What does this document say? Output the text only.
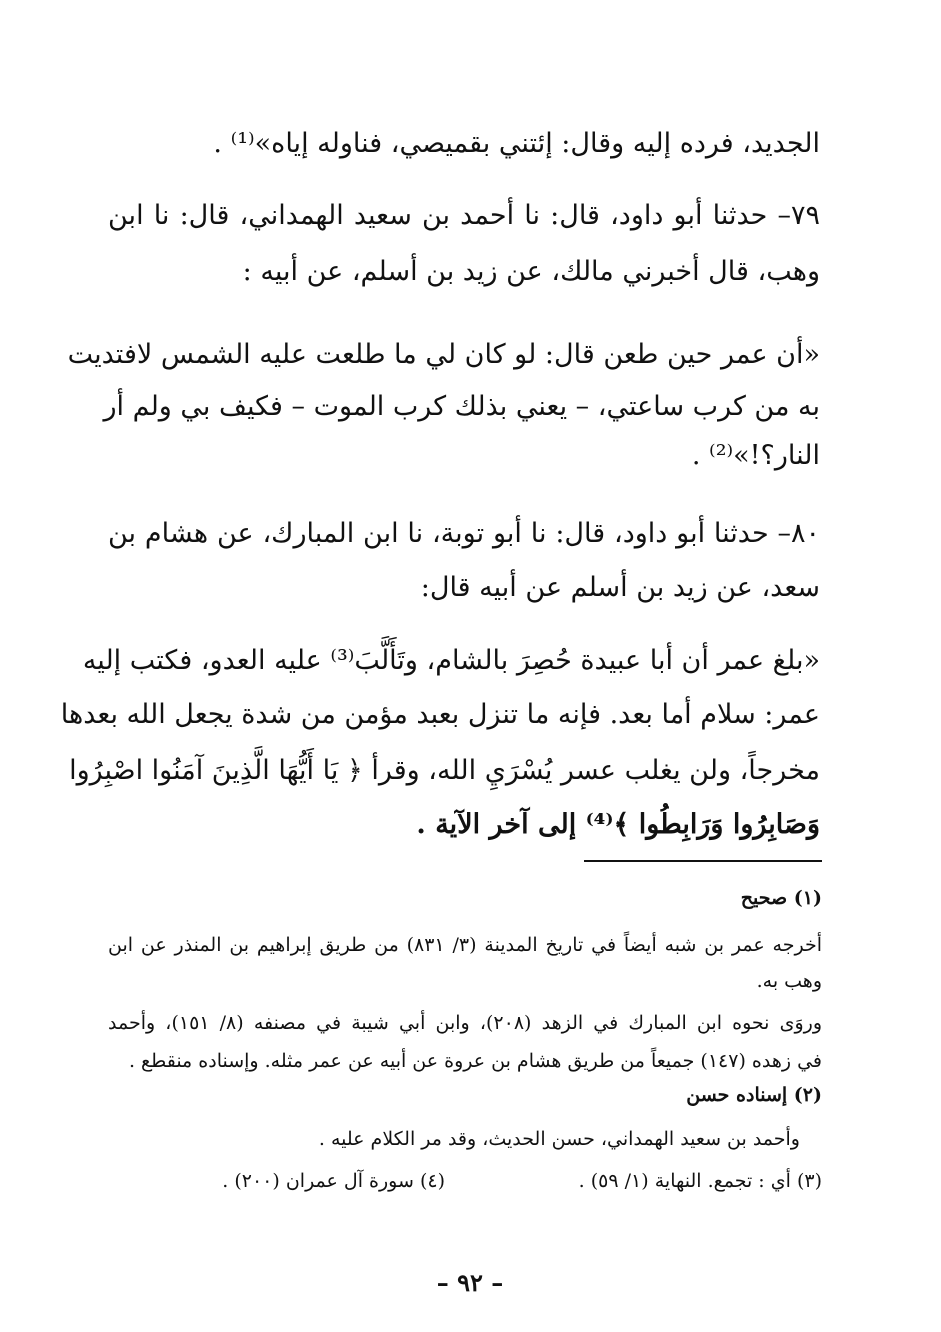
الجديد، فرده إليه وقال: إئتني بقميصي، فناوله إياه»⁽¹⁾ .
٧٩– حدثنا أبو داود، قال: نا أحمد بن سعيد الهمداني، قال: نا ابن
وهب، قال أخبرني مالك، عن زيد بن أسلم، عن أبيه :
«أن عمر حين طعن قال: لو كان لي ما طلعت عليه الشمس لافتديت
به من كرب ساعتي، – يعني بذلك كرب الموت – فكيف بي ولم أر
النار؟!»⁽²⁾ .
٨٠– حدثنا أبو داود، قال: نا أبو توبة، نا ابن المبارك، عن هشام بن
سعد، عن زيد بن أسلم عن أبيه قال:
«بلغ عمر أن أبا عبيدة حُصِرَ بالشام، وتَأَلَّبَ⁽³⁾ عليه العدو، فكتب إليه
عمر: سلام أما بعد. فإنه ما تنزل بعبد مؤمن من شدة يجعل الله بعدها
مخرجاً، ولن يغلب عسر يُسْرَيِ الله، وقرأ ﴿ يَا أَيُّهَا الَّذِينَ آمَنُوا اصْبِرُوا
وَصَابِرُوا وَرَابِطُوا ﴾⁽⁴⁾ إلى آخر الآية .
(١) صحيح
أخرجه عمر بن شبه أيضاً في تاريخ المدينة (٣/ ٨٣١) من طريق إبراهيم بن المنذر عن ابن
وهب به.
وروَى نحوه ابن المبارك في الزهد (٢٠٨)، وابن أبي شيبة في مصنفه (٨/ ١٥١)، وأحمد
في زهده (١٤٧) جميعاً من طريق هشام بن عروة عن أبيه عن عمر مثله. وإسناده منقطع .
(٢) إسناده حسن
وأحمد بن سعيد الهمداني، حسن الحديث، وقد مر الكلام عليه .
(٣) أي : تجمع. النهاية (١/ ٥٩) .
(٤) سورة آل عمران (٢٠٠) .
– ٩٢ –
